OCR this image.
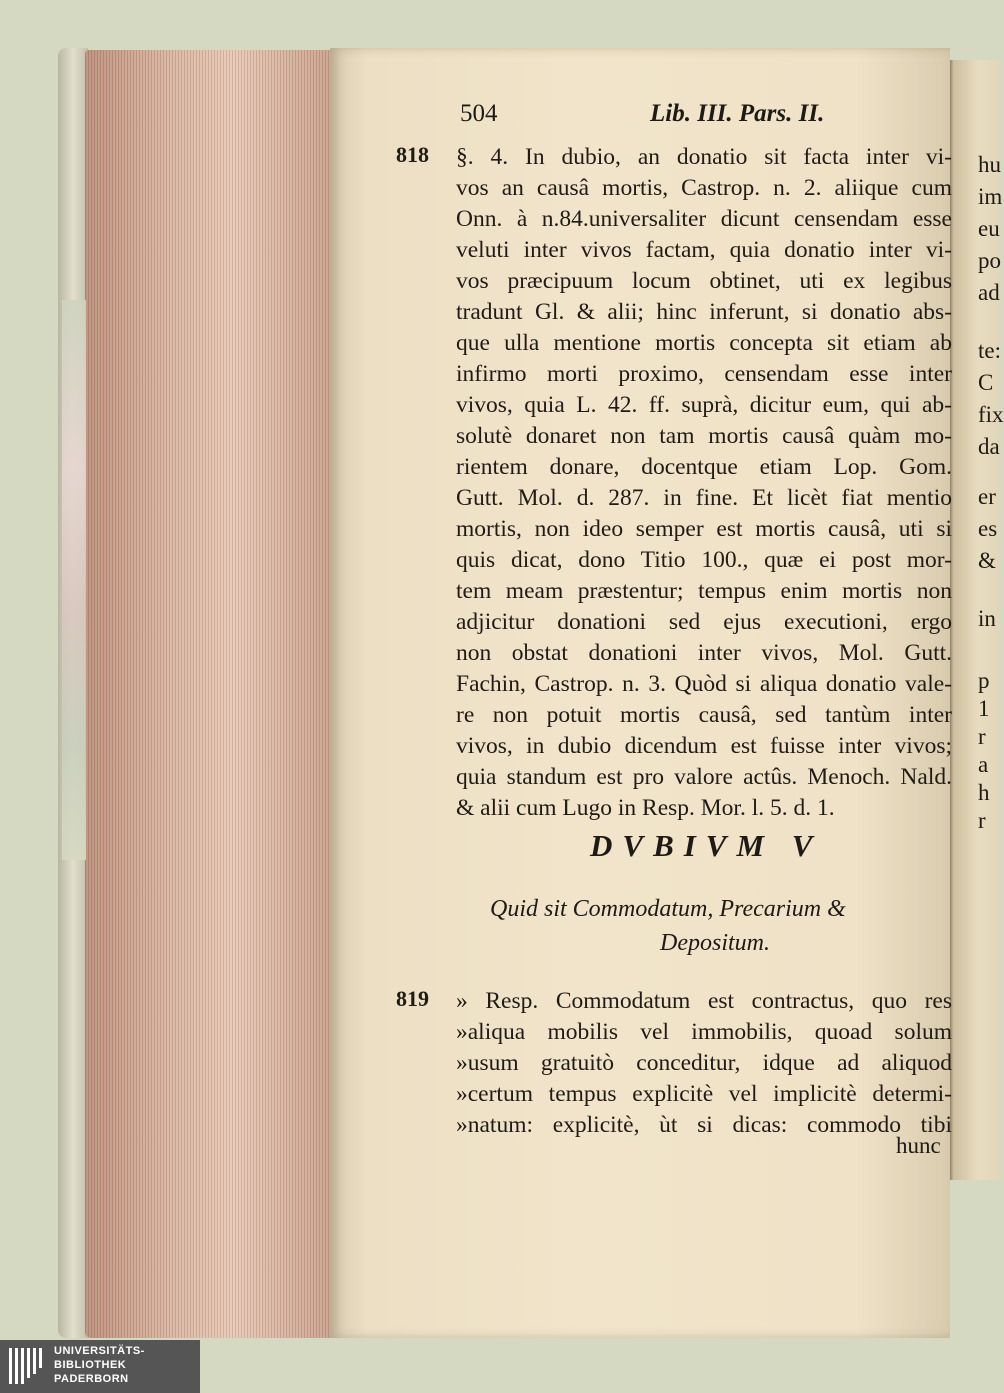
hu
im
eu
po
ad
te:
C
fix
da
er
es
&
in
p
1
r
a
h
r
504	Lib. III. Pars. II.
818 §. 4. In dubio, an donatio sit facta inter vi-
vos an causâ mortis, Castrop. n. 2. aliique cum
Onn. à n.84.universaliter dicunt censendam esse
veluti inter vivos factam, quia donatio inter vi-
vos præcipuum locum obtinet, uti ex legibus
tradunt Gl. & alii; hinc inferunt, si donatio abs-
que ulla mentione mortis concepta sit etiam ab
infirmo morti proximo, censendam esse inter
vivos, quia L. 42. ff. suprà, dicitur eum, qui ab-
solutè donaret non tam mortis causâ quàm mo-
rientem donare, docentque etiam Lop. Gom.
Gutt. Mol. d. 287. in fine. Et licèt fiat mentio
mortis, non ideo semper est mortis causâ, uti si
quis dicat, dono Titio 100., quæ ei post mor-
tem meam præstentur; tempus enim mortis non
adjicitur donationi sed ejus executioni, ergo
non obstat donationi inter vivos, Mol. Gutt.
Fachin, Castrop. n. 3. Quòd si aliqua donatio vale-
re non potuit mortis causâ, sed tantùm inter
vivos, in dubio dicendum est fuisse inter vivos;
quia standum est pro valore actûs. Menoch. Nald.
& alii cum Lugo in Resp. Mor. l. 5. d. 1.
DVBIVM V
Quid sit Commodatum, Precarium &
Depositum.
819 » Resp. Commodatum est contractus, quo res
»aliqua mobilis vel immobilis, quoad solum
»usum gratuitò conceditur, idque ad aliquod
»certum tempus explicitè vel implicitè determi-
»natum: explicitè, ùt si dicas: commodo tibi
hunc
UNIVERSITÄTS-
BIBLIOTHEK
PADERBORN
